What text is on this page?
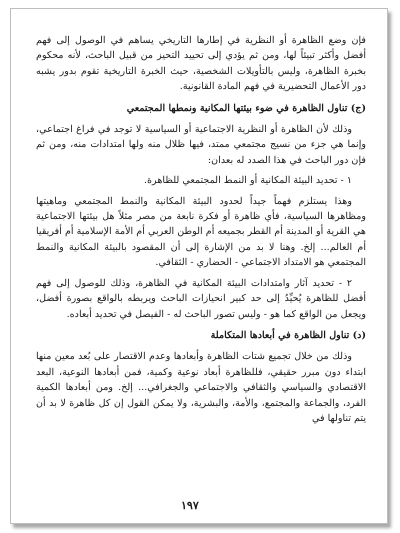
فإن وضع الظاهرة أو النظرية في إطارها التاريخي يساهم في الوصول إلى فهم أفضل وأكثر تبيئاً لها، ومن ثم يؤدي إلى تحييد التحيز من قبيل الباحث، لأنه محكوم بخبرة الظاهرة، وليس بالتأويلات الشخصية، حيث الخبرة التاريخية تقوم بدور يشبه دور الأعمال التحضيرية في فهم المادة القانونية.

(ج) تناول الظاهرة في ضوء بيئتها المكانية ونمطها المجتمعي

وذلك لأن الظاهرة أو النظرية الاجتماعية أو السياسية لا توجد في فراغ اجتماعي، وإنما هي جزء من نسيج مجتمعي ممتد، فيها ظلال منه ولها امتدادات منه، ومن ثم فإن دور الباحث في هذا الصدد له بعدان:

١ - تحديد البيئة المكانية أو النمط المجتمعي للظاهرة.

وهذا يستلزم فهماً جيداً لحدود البيئة المكانية والنمط المجتمعي وماهيتها ومظاهرها السياسية، فأي ظاهرة أو فكرة نابعة من مصر مثلاً هل بيئتها الاجتماعية هي القرية أو المدينة أم القطر بجميعه أم الوطن العربي أم الأمة الإسلامية أم أفريقيا أم العالم... إلخ. وهنا لا بد من الإشارة إلى أن المقصود بالبيئة المكانية والنمط المجتمعي هو الامتداد الاجتماعي - الحضاري - الثقافي.

٢ - تحديد آثار وامتدادات البيئة المكانية في الظاهرة، وذلك للوصول إلى فهم أفضل للظاهرة يُحيِّدُ إلى حد كبير انحيازات الباحث ويربطه بالواقع بصورة أفضل، ويجعل من الواقع كما هو - وليس تصور الباحث له - الفيصل في تحديد أبعاده.

(د) تناول الظاهرة في أبعادها المتكاملة

وذلك من خلال تجميع شتات الظاهرة وأبعادها وعدم الاقتصار على بُعد معين منها ابتداء دون مبرر حقيقي، فللظاهرة أبعاد نوعية وكمية، فمن أبعادها النوعية، البعد الاقتصادي والسياسي والثقافي والاجتماعي والجغرافي... إلخ. ومن أبعادها الكمية الفرد، والجماعة والمجتمع، والأمة، والبشرية، ولا يمكن القول إن كل ظاهرة لا بد أن يتم تناولها في

١٩٧
